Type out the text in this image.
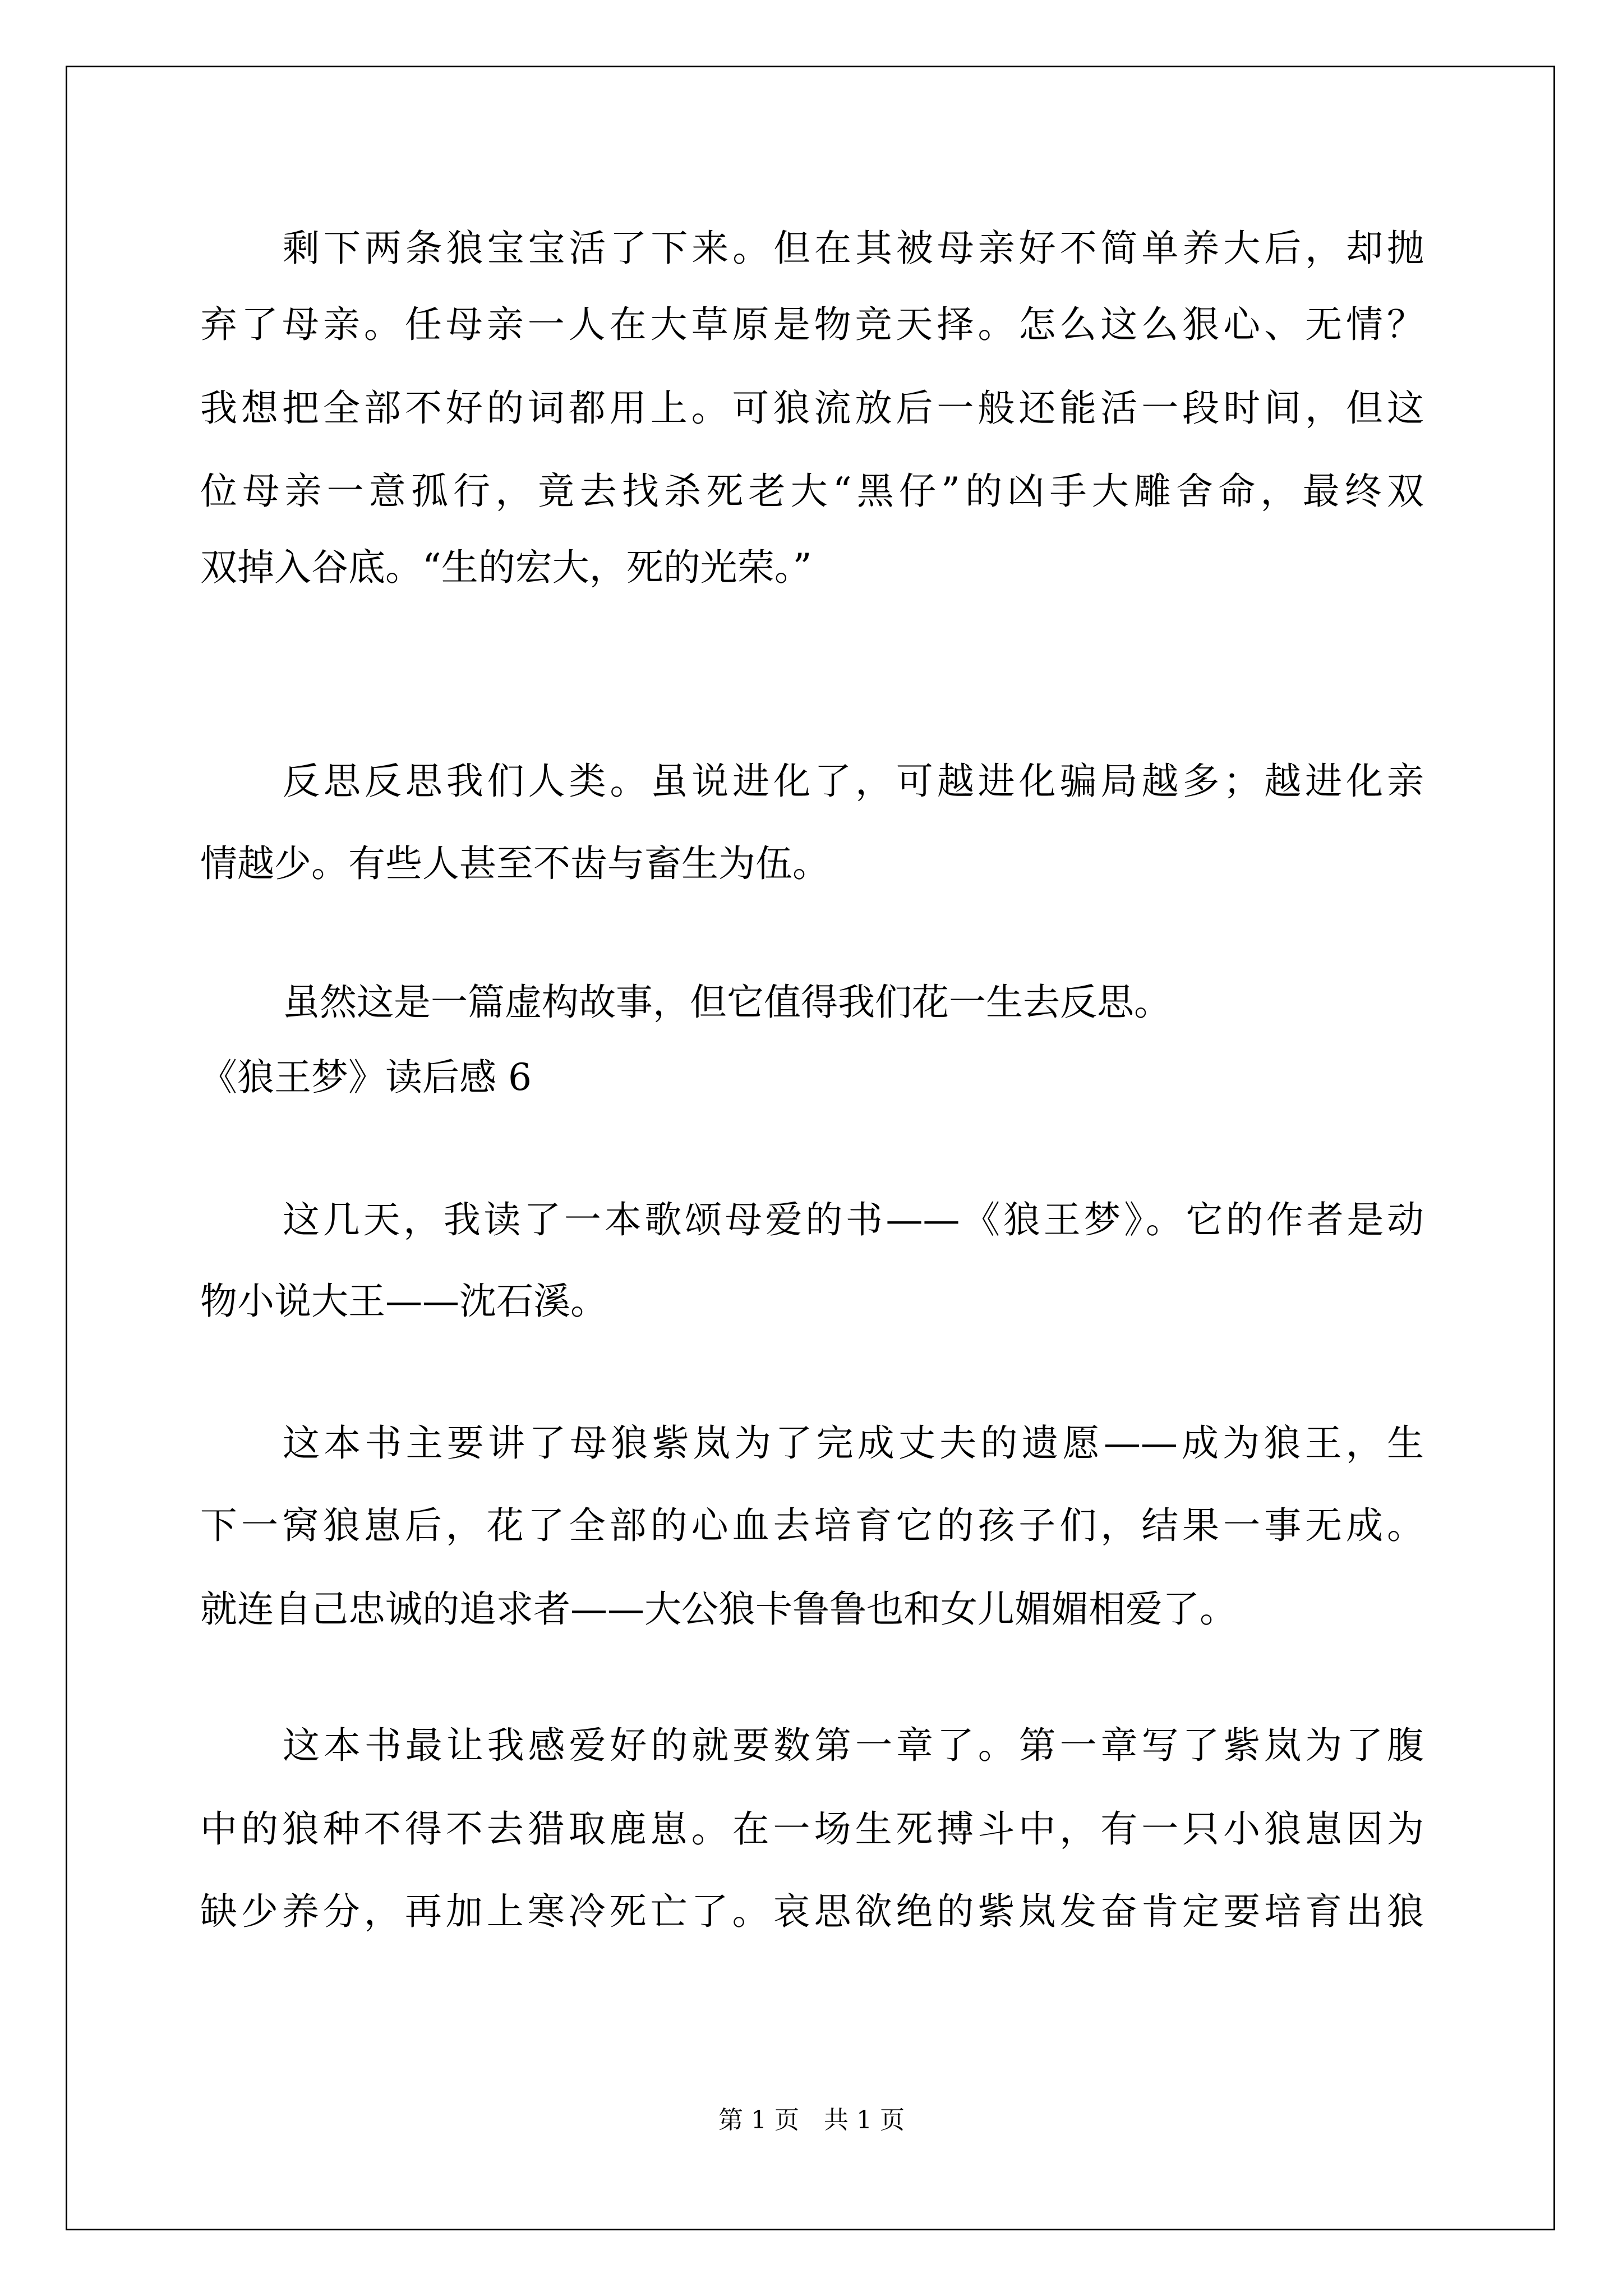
剩下两条狼宝宝活了下来。但在其被母亲好不简单养大后，却抛
弃了母亲。任母亲一人在大草原是物竞天择。怎么这么狠心、无情？
我想把全部不好的词都用上。可狼流放后一般还能活一段时间，但这
位母亲一意孤行，竟去找杀死老大“黑仔”的凶手大雕舍命，最终双
双掉入谷底。“生的宏大，死的光荣。”
反思反思我们人类。虽说进化了，可越进化骗局越多；越进化亲
情越少。有些人甚至不齿与畜生为伍。
虽然这是一篇虚构故事，但它值得我们花一生去反思。
《狼王梦》读后感 6
这几天，我读了一本歌颂母爱的书——《狼王梦》。它的作者是动
物小说大王——沈石溪。
这本书主要讲了母狼紫岚为了完成丈夫的遗愿——成为狼王，生
下一窝狼崽后，花了全部的心血去培育它的孩子们，结果一事无成。
就连自己忠诚的追求者——大公狼卡鲁鲁也和女儿媚媚相爱了。
这本书最让我感爱好的就要数第一章了。第一章写了紫岚为了腹
中的狼种不得不去猎取鹿崽。在一场生死搏斗中，有一只小狼崽因为
缺少养分，再加上寒冷死亡了。哀思欲绝的紫岚发奋肯定要培育出狼
第 1 页　共 1 页
